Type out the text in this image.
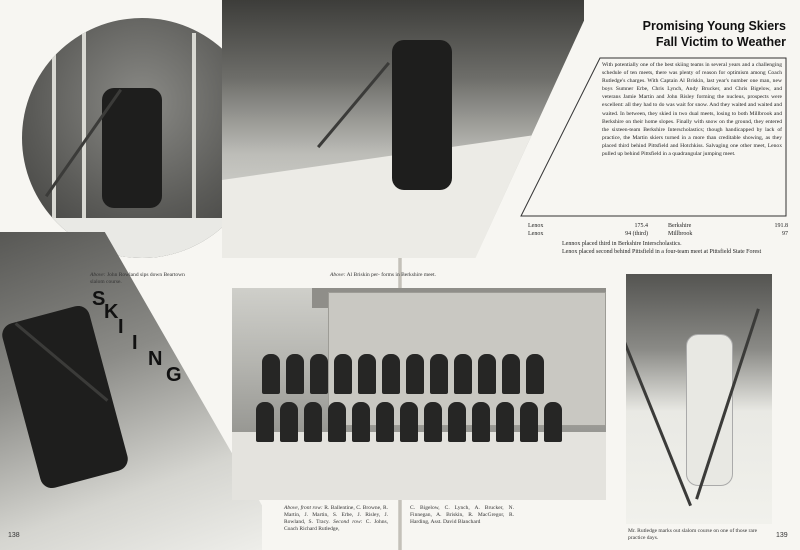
S
K
I
I
N
G
Above: John Rowland sips down Beartown slalom course.
Above: Al Briskin per- forms in Berkshire meet.
Above, front row: R. Ballentine, C. Browne, R. Martin, J. Martin, S. Erbe, J. Risley, J. Rowland, S. Tracy. Second row: C. Johns, Coach Richard Rutledge,
C. Bigelow, C. Lynch, A. Brucker, N. Finnegan, A. Briskin, R. MacGregor, R. Harding, Asst. David Blanchard
Mr. Rutledge marks out slalom course on one of those rare practice days.
138	139
Promising Young Skiers
Fall Victim to Weather
With potentially one of the best skiing teams in several years and a challenging schedule of ten meets, there was plenty of reason for optimism among Coach Rutledge's charges. With Captain Al Briskin, last year's number one man, new boys Sumner Erbe, Chris Lynch, Andy Brucker, and Chris Bigelow, and veterans Jamie Martin and John Risley forming the nucleus, prospects were excellent: all they had to do was wait for snow. And they waited and waited and waited. In between, they skied in two dual meets, losing to both Millbrook and Berkshire on their home slopes. Finally with snow on the ground, they entered the sixteen-team Berkshire Interscholastics; though handicapped by lack of practice, the Martin skiers turned in a more than creditable showing, as they placed third behind Pittsfield and Hotchkiss. Salvaging one other meet, Lenox pulled up behind Pittsfield in a quadrangular jumping meet.
Lenox	175.4	Berkshire	191.8
Lenox	94 (third)	Millbrook	97
Lennox placed third in Berkshire Interscholastics.
Lenox placed second behind Pittsfield in a four-team meet at Pittsfield State Forest
